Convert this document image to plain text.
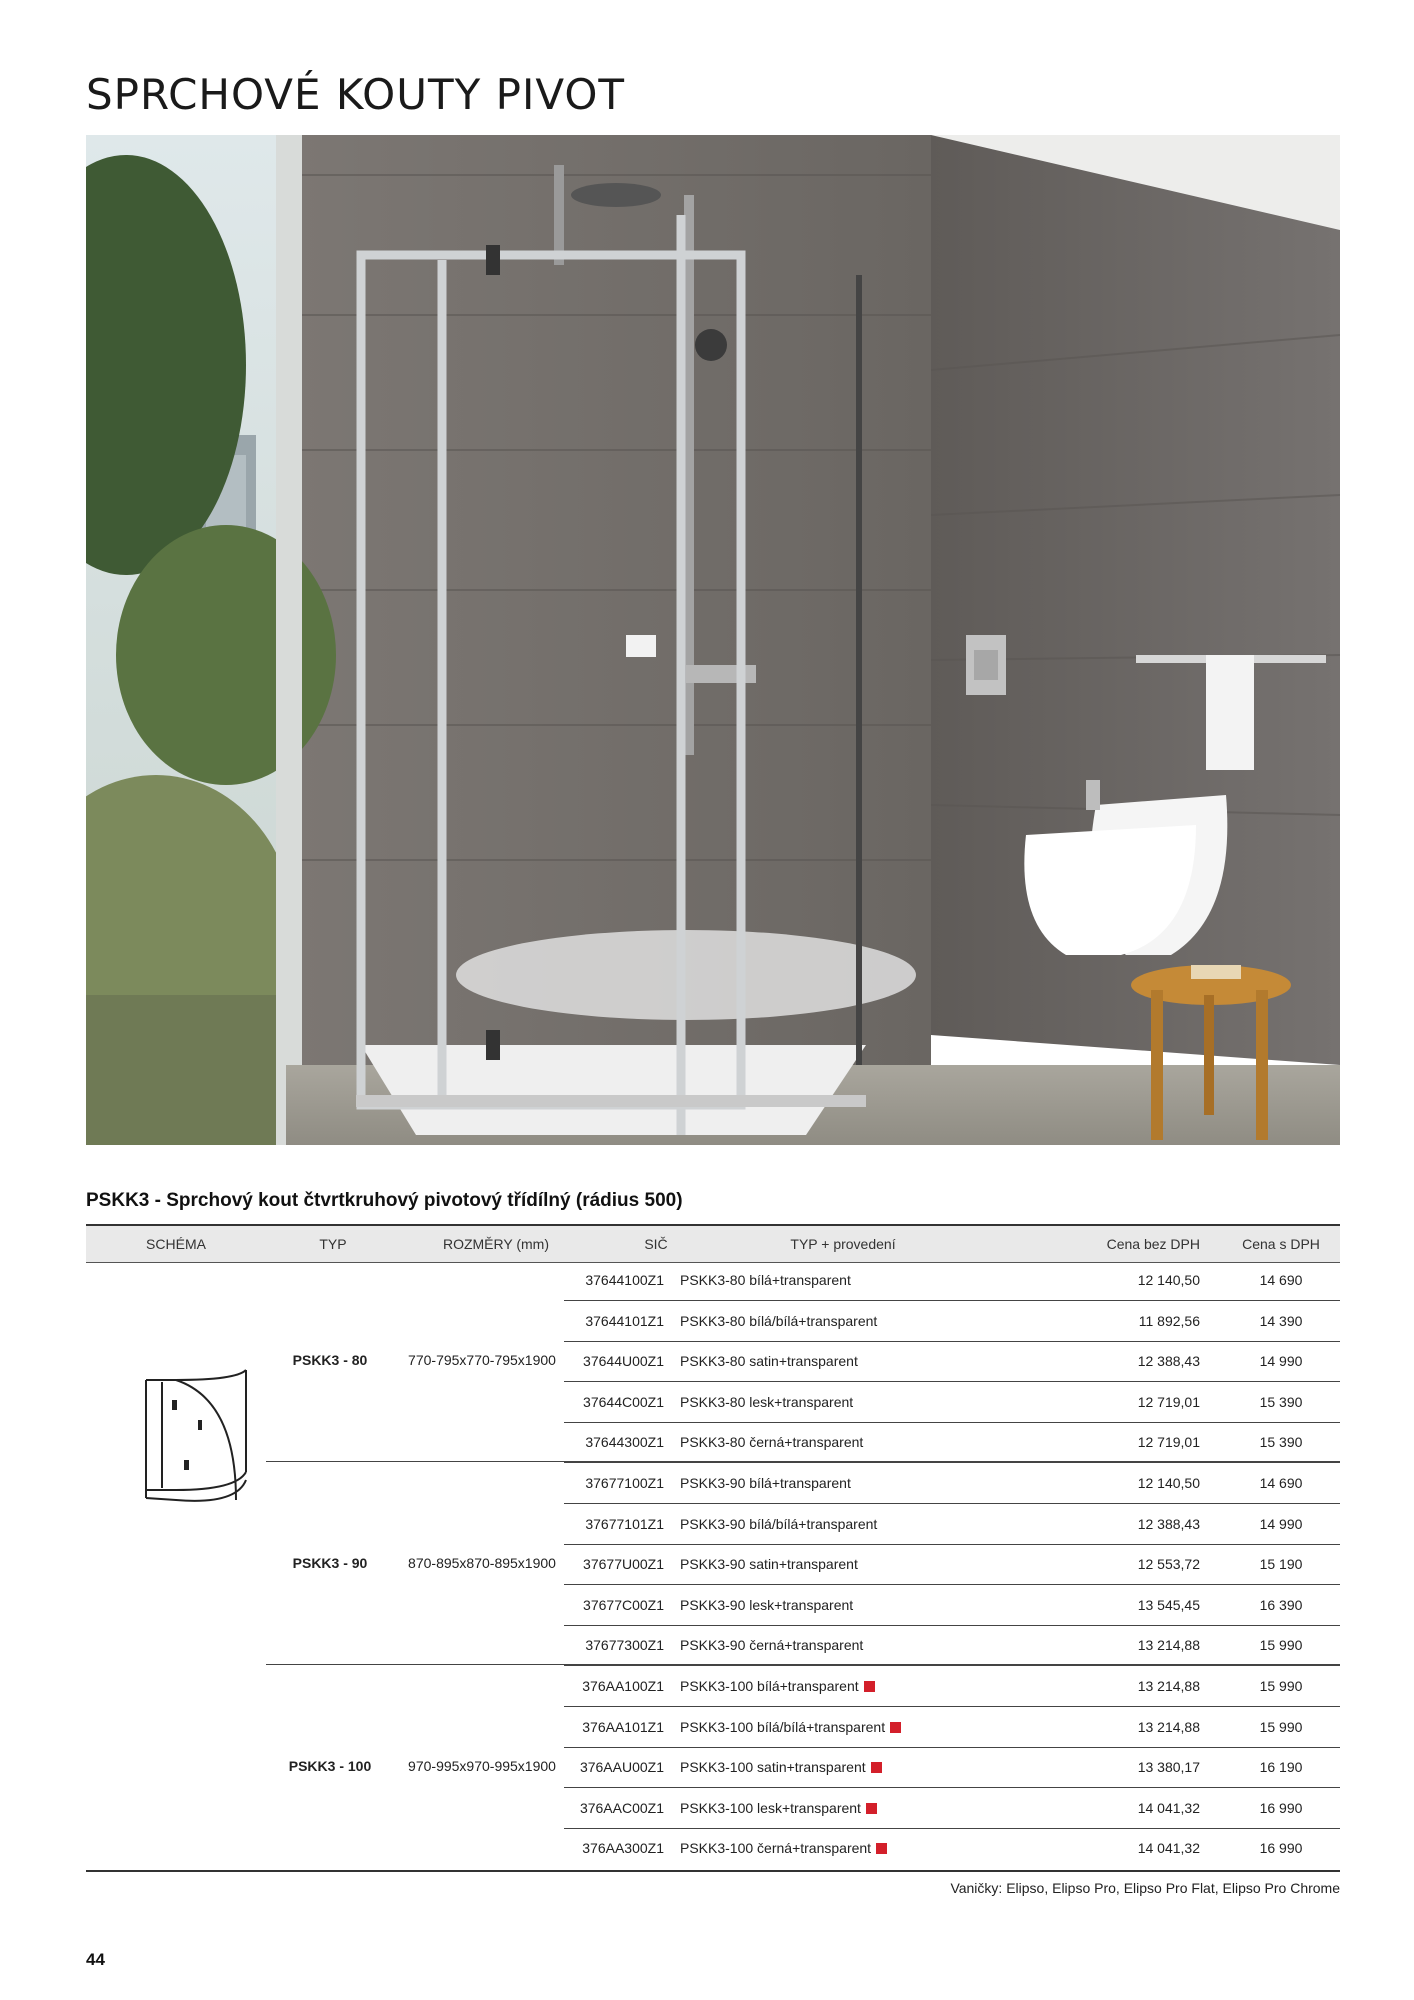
SPRCHOVÉ KOUTY PIVOT
PSKK3 - Sprchový kout čtvrtkruhový pivotový třídílný (rádius 500)
SCHÉMA	TYP	ROZMĚRY (mm)	SIČ	TYP + provedení	Cena bez DPH	Cena s DPH
PSKK3 - 80	770-795x770-795x1900
PSKK3 - 90	870-895x870-895x1900
PSKK3 - 100	970-995x970-995x1900
37644100Z1 PSKK3-80 bílá+transparent	12 140,50	14 690
37644101Z1 PSKK3-80 bílá/bílá+transparent	11 892,56	14 390
37644U00Z1 PSKK3-80 satin+transparent	12 388,43	14 990
37644C00Z1 PSKK3-80 lesk+transparent	12 719,01	15 390
37644300Z1 PSKK3-80 černá+transparent	12 719,01	15 390
37677100Z1 PSKK3-90 bílá+transparent	12 140,50	14 690
37677101Z1 PSKK3-90 bílá/bílá+transparent	12 388,43	14 990
37677U00Z1 PSKK3-90 satin+transparent	12 553,72	15 190
37677C00Z1 PSKK3-90 lesk+transparent	13 545,45	16 390
37677300Z1 PSKK3-90 černá+transparent	13 214,88	15 990
376AA100Z1 PSKK3-100 bílá+transparent	13 214,88	15 990
376AA101Z1 PSKK3-100 bílá/bílá+transparent	13 214,88	15 990
376AAU00Z1 PSKK3-100 satin+transparent	13 380,17	16 190
376AAC00Z1 PSKK3-100 lesk+transparent	14 041,32	16 990
376AA300Z1 PSKK3-100 černá+transparent	14 041,32	16 990
Vaničky: Elipso, Elipso Pro, Elipso Pro Flat, Elipso Pro Chrome
44
